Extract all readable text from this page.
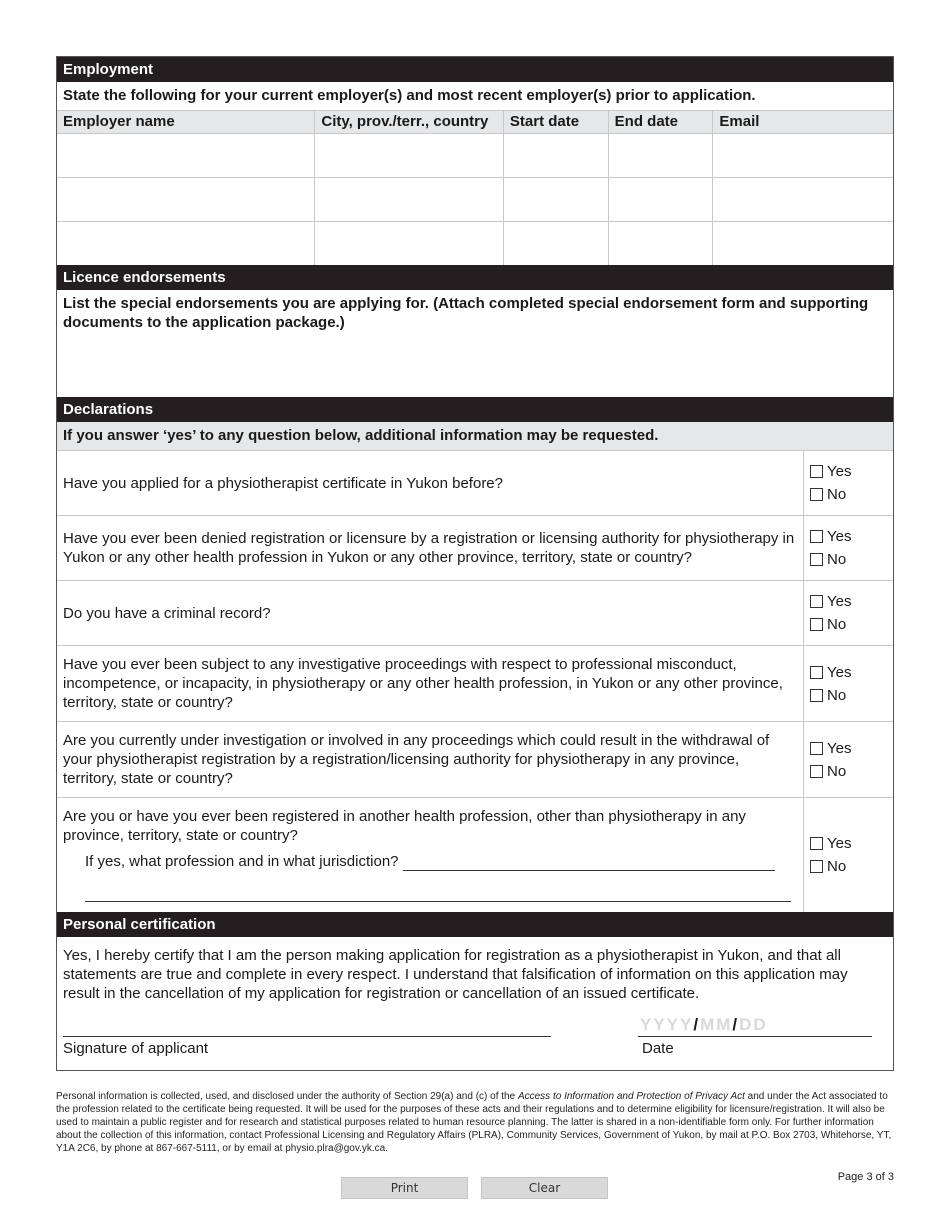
Employment
State the following for your current employer(s) and most recent employer(s) prior to application.
Employer name	City, prov./terr., country	Start date	End date	Email
Licence endorsements
List the special endorsements you are applying for. (Attach completed special endorsement form and supporting documents to the application package.)
Declarations
If you answer ‘yes’ to any question below, additional information may be requested.
Have you applied for a physiotherapist certificate in Yukon before?
Yes
No
Have you ever been denied registration or licensure by a registration or licensing authority for physiotherapy in Yukon or any other health profession in Yukon or any other province, territory, state or country?
Yes
No
Do you have a criminal record?
Yes
No
Have you ever been subject to any investigative proceedings with respect to professional misconduct, incompetence, or incapacity, in physiotherapy or any other health profession, in Yukon or any other province, territory, state or country?
Yes
No
Are you currently under investigation or involved in any proceedings which could result in the withdrawal of your physiotherapist registration by a registration/licensing authority for physiotherapy in any province, territory, state or country?
Yes
No
Are you or have you ever been registered in another health profession, other than physiotherapy in any province, territory, state or country?
If yes, what profession and in what jurisdiction?
Yes
No
Personal certification
Yes, I hereby certify that I am the person making application for registration as a physiotherapist in Yukon, and that all statements are true and complete in every respect. I understand that falsification of information on this application may result in the cancellation of my application for registration or cancellation of an issued certificate.
Signature of applicant
YYYY/MM/DD
Date
Personal information is collected, used, and disclosed under the authority of Section 29(a) and (c) of the Access to Information and Protection of Privacy Act and under the Act associated to the profession related to the certificate being requested. It will be used for the purposes of these acts and their regulations and to determine eligibility for licensure/registration. It will also be used to maintain a public register and for research and statistical purposes related to human resource planning. The latter is shared in a non-identifiable form only. For further information about the collection of this information, contact Professional Licensing and Regulatory Affairs (PLRA), Community Services, Government of Yukon, by mail at P.O. Box 2703, Whitehorse, YT, Y1A 2C6, by phone at 867-667-5111, or by email at physio.plra@gov.yk.ca.
Page 3 of 3
Print	Clear
